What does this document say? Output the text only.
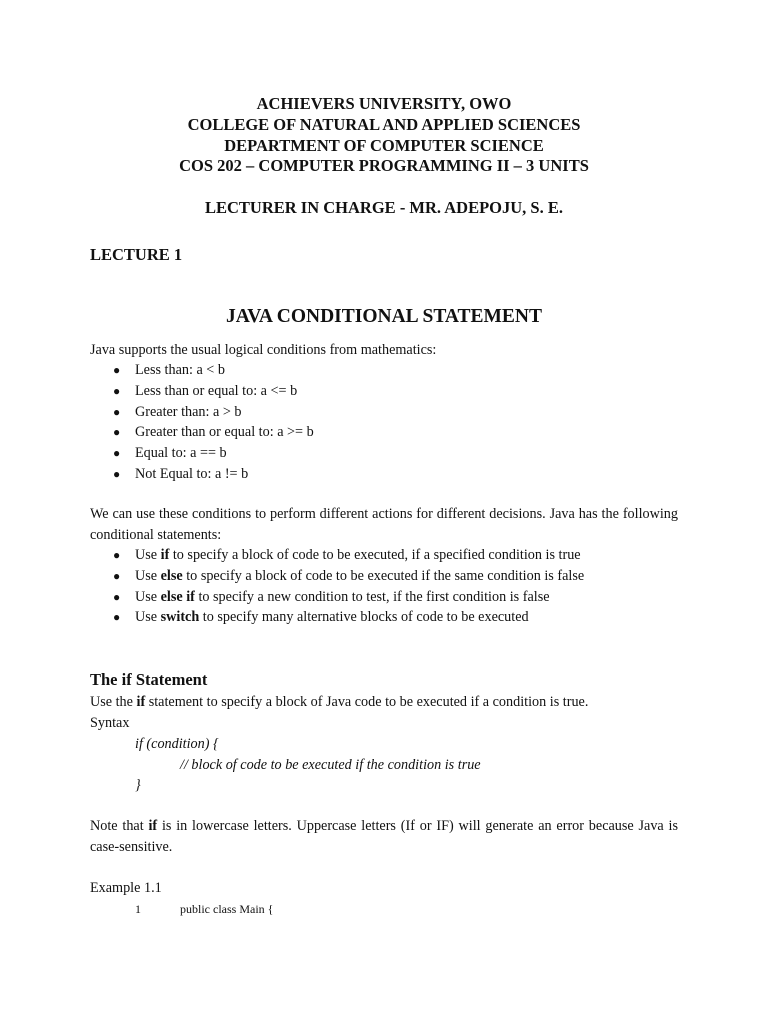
ACHIEVERS UNIVERSITY, OWO
COLLEGE OF NATURAL AND APPLIED SCIENCES
DEPARTMENT OF COMPUTER SCIENCE
COS 202 – COMPUTER PROGRAMMING II – 3 UNITS
LECTURER IN CHARGE - MR. ADEPOJU, S. E.
LECTURE 1
JAVA CONDITIONAL STATEMENT
Java supports the usual logical conditions from mathematics:
● Less than: a < b
● Less than or equal to: a <= b
● Greater than: a > b
● Greater than or equal to: a >= b
● Equal to: a == b
● Not Equal to: a != b
We can use these conditions to perform different actions for different decisions. Java has the following conditional statements:
● Use if to specify a block of code to be executed, if a specified condition is true
● Use else to specify a block of code to be executed if the same condition is false
● Use else if to specify a new condition to test, if the first condition is false
● Use switch to specify many alternative blocks of code to be executed
The if Statement
Use the if statement to specify a block of Java code to be executed if a condition is true.
Syntax
if (condition) {
// block of code to be executed if the condition is true
}
Note that if is in lowercase letters. Uppercase letters (If or IF) will generate an error because Java is case-sensitive.
Example 1.1
1	public class Main {
